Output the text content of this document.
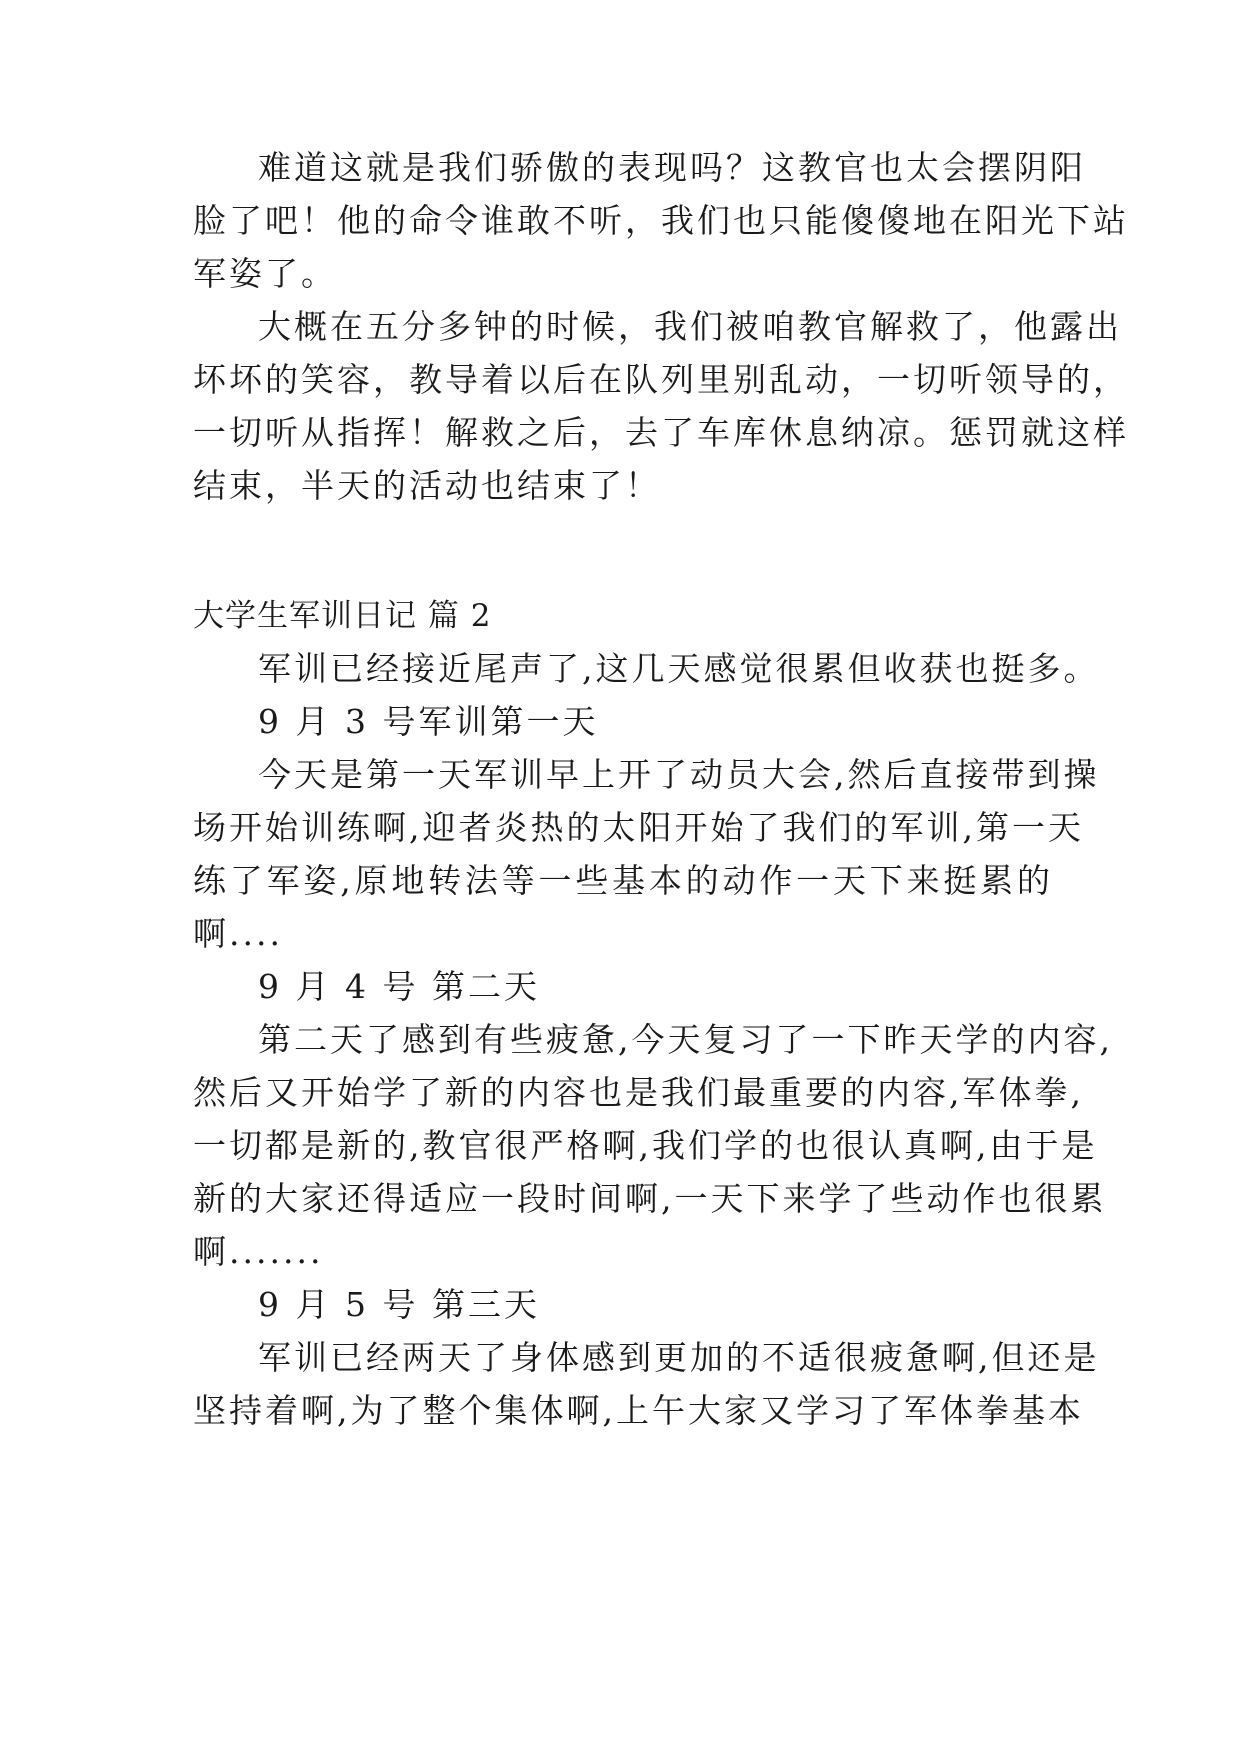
难道这就是我们骄傲的表现吗？这教官也太会摆阴阳
脸了吧！他的命令谁敢不听，我们也只能傻傻地在阳光下站
军姿了。
大概在五分多钟的时候，我们被咱教官解救了，他露出
坏坏的笑容，教导着以后在队列里别乱动，一切听领导的，
一切听从指挥！解救之后，去了车库休息纳凉。惩罚就这样
结束，半天的活动也结束了！
大学生军训日记 篇 2
军训已经接近尾声了,这几天感觉很累但收获也挺多。
9 月 3 号军训第一天
今天是第一天军训早上开了动员大会,然后直接带到操
场开始训练啊,迎者炎热的太阳开始了我们的军训,第一天
练了军姿,原地转法等一些基本的动作一天下来挺累的
啊....
9 月 4 号 第二天
第二天了感到有些疲惫,今天复习了一下昨天学的内容,
然后又开始学了新的内容也是我们最重要的内容,军体拳,
一切都是新的,教官很严格啊,我们学的也很认真啊,由于是
新的大家还得适应一段时间啊,一天下来学了些动作也很累
啊.......
9 月 5 号 第三天
军训已经两天了身体感到更加的不适很疲惫啊,但还是
坚持着啊,为了整个集体啊,上午大家又学习了军体拳基本
